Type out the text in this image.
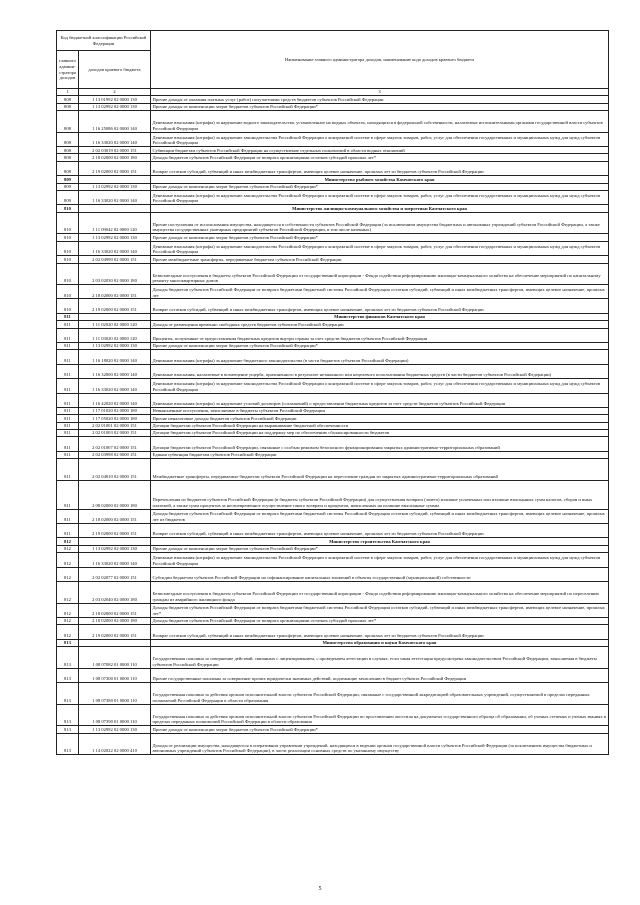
Код бюджетной классификации Российской Федерации		Наименование главного администратора доходов, наименование кода доходов краевого бюджета
главного админи-стратора доходов	доходов краевого бюджета	
1	2	3
808	1 13 01992 02 0000 130	Прочие доходы от оказания платных услуг (работ) получателями средств бюджетов субъектов Российской Федерации
808	1 13 02992 02 0000 130	Прочие доходы от компенсации затрат бюджетов субъектов Российской Федерации*
808	1 16 25086 02 0000 140	Денежные взыскания (штрафы) за нарушение водного законодательства, установленное на водных объектах, находящихся в федеральной собственности, налагаемые исполнительными органами государственной власти субъектов Российской Федерации
808	1 16 33020 02 0000 140	Денежные взыскания (штрафы) за нарушение законодательства Российской Федерации о контрактной системе в сфере закупок товаров, работ, услуг для обеспечения государственных и муниципальных нужд для нужд субъектов Российской Федерации
808	2 02 03019 02 0000 151	Субвенции бюджетам субъектов Российской Федерации на осуществление отдельных полномочий в области водных отношений
808	2 18 02000 02 0000 180	Доходы бюджетов субъектов Российской Федерации от возврата организациями остатков субсидий прошлых лет*
808	2 19 02000 02 0000 151	Возврат остатков субсидий, субвенций и иных межбюджетных трансфертов, имеющих целевое назначение, прошлых лет из бюджетов субъектов Российской Федерации
809		Министерство рыбного хозяйства Камчатского края
809	1 13 02992 02 0000 130	Прочие доходы от компенсации затрат бюджетов субъектов Российской Федерации*
809	1 16 33020 02 0000 140	Денежные взыскания (штрафы) за нарушение законодательства Российской Федерации о контрактной системе в сфере закупок товаров, работ, услуг для обеспечения государственных и муниципальных нужд для нужд субъектов Российской Федерации
810		Министерство жилищно-коммунального хозяйства и энергетики Камчатского края
810	1 11 09042 02 0000 120	Прочие поступления от использования имущества, находящегося в собственности субъектов Российской Федерации (за исключением имущества бюджетных и автономных учреждений субъектов Российской Федерации, а также имущества государственных унитарных предприятий субъектов Российской Федерации, в том числе казенных)
810	1 13 02992 02 0000 130	Прочие доходы от компенсации затрат бюджетов субъектов Российской Федерации*
810	1 16 33020 02 0000 140	Денежные взыскания (штрафы) за нарушение законодательства Российской Федерации о контрактной системе в сфере закупок товаров, работ, услуг для обеспечения государственных и муниципальных нужд для нужд субъектов Российской Федерации
810	2 02 04999 02 0000 151	Прочие межбюджетные трансферты, передаваемые бюджетам субъектов Российской Федерации
810	2 03 02030 02 0000 180	Безвозмездные поступления в бюджеты субъектов Российской Федерации от государственной корпорации - Фонда содействия реформированию жилищно-коммунального хозяйства на обеспечение мероприятий по капитальному ремонту многоквартирных домов
810	2 18 02000 02 0000 151	Доходы бюджетов субъектов Российской Федерации от возврата бюджетами бюджетной системы Российской Федерации остатков субсидий, субвенций и иных межбюджетных трансфертов, имеющих целевое назначение, прошлых лет
810	2 19 02000 02 0000 151	Возврат остатков субсидий, субвенций и иных межбюджетных трансфертов, имеющих целевое назначение, прошлых лет из бюджетов субъектов Российской Федерации
811		Министерство финансов Камчатского края
811	1 11 02020 02 0000 120	Доходы от размещения временно свободных средств бюджетов субъектов Российской Федерации
811	1 11 03020 02 0000 120	Проценты, полученные от предоставления бюджетных кредитов внутри страны за счет средств бюджетов субъектов Российской Федерации
811	1 13 02992 02 0000 130	Прочие доходы от компенсации затрат бюджетов субъектов Российской Федерации*
811	1 16 18020 02 0000 140	Денежные взыскания (штрафы) за нарушение бюджетного законодательства (в части бюджетов субъектов Российской Федерации)
811	1 16 32000 02 0000 140	Денежные взыскания, налагаемые в возмещение ущерба, причиненного в результате незаконного или нецелевого использования бюджетных средств (в части бюджетов субъектов Российской Федерации)
811	1 16 33020 02 0000 140	Денежные взыскания (штрафы) за нарушение законодательства Российской Федерации о контрактной системе в сфере закупок товаров, работ, услуг для обеспечения государственных и муниципальных нужд для нужд субъектов Российской Федерации
811	1 16 42020 02 0000 140	Денежные взыскания (штрафы) за нарушение условий договоров (соглашений) о предоставлении бюджетных кредитов за счет средств бюджетов субъектов Российской Федерации
811	1 17 01020 02 0000 180	Невыясненные поступления, зачисляемые в бюджеты субъектов Российской Федерации
811	1 17 05020 02 0000 180	Прочие неналоговые доходы бюджетов субъектов Российской Федерации
811	2 02 01001 02 0000 151	Дотации бюджетам субъектов Российской Федерации на выравнивание бюджетной обеспеченности
811	2 02 01003 02 0000 151	Дотации бюджетам субъектов Российской Федерации на поддержку мер по обеспечению сбалансированности бюджетов
811	2 02 01007 02 0000 151	Дотации бюджетам субъектов Российской Федерации, связанные с особым режимом безопасного функционирования закрытых административно-территориальных образований
811	2 02 03998 02 0000 151	Единая субвенция бюджетам субъектов Российской Федерации
811	2 02 04010 02 0000 151	Межбюджетные трансферты, передаваемые бюджетам субъектов Российской Федерации на переселение граждан из закрытых административно-территориальных образований
811	2 08 02000 02 0000 180	Перечисления из бюджетов субъектов Российской Федерации (в бюджеты субъектов Российской Федерации) для осуществления возврата (зачета) излишне уплаченных или излишне взысканных сумм налогов, сборов и иных платежей, а также сумм процентов за несвоевременное осуществление такого возврата и процентов, начисленных на излишне взысканные суммы
811	2 18 02000 02 0000 151	Доходы бюджетов субъектов Российской Федерации от возврата бюджетами бюджетной системы Российской Федерации остатков субсидий, субвенций и иных межбюджетных трансфертов, имеющих целевое назначение, прошлых лет из бюджетов
811	2 19 02000 02 0000 151	Возврат остатков субсидий, субвенций и иных межбюджетных трансфертов, имеющих целевое назначение, прошлых лет из бюджетов субъектов Российской Федерации
812		Министерство строительства Камчатского края
812	1 13 02992 02 0000 130	Прочие доходы от компенсации затрат бюджетов субъектов Российской Федерации*
812	1 16 33020 02 0000 140	Денежные взыскания (штрафы) за нарушение законодательства Российской Федерации о контрактной системе в сфере закупок товаров, работ, услуг для обеспечения государственных и муниципальных нужд для нужд субъектов Российской Федерации
812	2 02 02077 02 0000 151	Субсидии бюджетам субъектов Российской Федерации на софинансирование капитальных вложений в объекты государственной (муниципальной) собственности
812	2 03 02040 02 0000 180	Безвозмездные поступления в бюджеты субъектов Российской Федерации от государственной корпорации - Фонда содействия реформированию жилищно-коммунального хозяйства на обеспечение мероприятий по переселению граждан из аварийного жилищного фонда
812	2 18 02000 02 0000 151	Доходы бюджетов субъектов Российской Федерации от возврата бюджетами бюджетной системы Российской Федерации остатков субсидий, субвенций и иных межбюджетных трансфертов, имеющих целевое назначение, прошлых лет*
812	2 18 02000 02 0000 180	Доходы бюджетов субъектов Российской Федерации от возврата организациями остатков субсидий прошлых лет*
812	2 19 02000 02 0000 151	Возврат остатков субсидий, субвенций и иных межбюджетных трансфертов, имеющих целевое назначение, прошлых лет из бюджетов субъектов Российской Федерации
813		Министерство образования и науки Камчатского края
813	1 08 07082 01 0000 110	Государственная пошлина за совершение действий, связанных с лицензированием, с проведением аттестации в случаях, если такая аттестация предусмотрена законодательством Российской Федерации, зачисляемая в бюджеты субъектов Российской Федерации
813	1 08 07300 01 0000 110	Прочие государственные пошлины за совершение прочих юридически значимых действий, подлежащие зачислению в бюджет субъекта Российской Федерации
813	1 08 07380 01 0000 110	Государственная пошлина за действия органов исполнительной власти субъектов Российской Федерации, связанные с государственной аккредитацией образовательных учреждений, осуществляемой в пределах переданных полномочий Российской Федерации в области образования
813	1 08 07390 01 0000 110	Государственная пошлина за действия органов исполнительной власти субъектов Российской Федерации по проставлению апостиля на документах государственного образца об образовании, об ученых степенях и ученых званиях в пределах переданных полномочий Российской Федерации в области образования
813	1 13 02992 02 0000 130	Прочие доходы от компенсации затрат бюджетов субъектов Российской Федерации*
813	1 14 02022 02 0000 410	Доходы от реализации имущества, находящегося в оперативном управлении учреждений, находящихся в ведении органов государственной власти субъектов Российской Федерации (за исключением имущества бюджетных и автономных учреждений субъектов Российской Федерации), в части реализации основных средств по указанному имуществу
5
